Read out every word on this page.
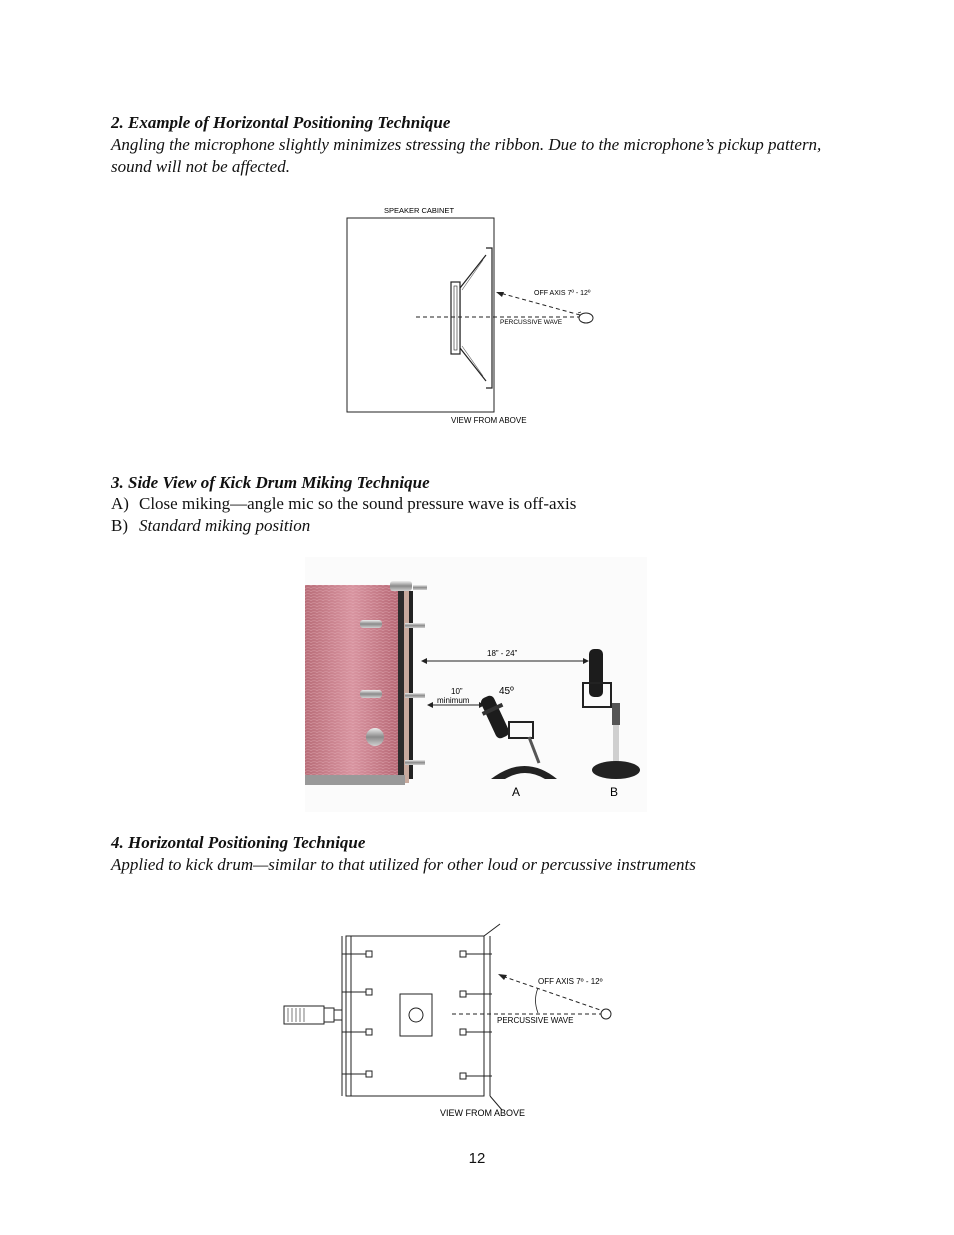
2. Example of Horizontal Positioning Technique

Angling the microphone slightly minimizes stressing the ribbon. Due to the microphone’s pickup pattern, sound will not be affected.

SPEAKER CABINET
OFF AXIS 7º - 12º
PERCUSSIVE WAVE
VIEW FROM ABOVE
3. Side View of Kick Drum Miking Technique

A) Close miking—angle mic so the sound pressure wave is off-axis

B) Standard miking position

18” - 24”
10”
minimum
45º
A	B
4. Horizontal Positioning Technique

Applied to kick drum—similar to that utilized for other loud or percussive instruments

OFF AXIS 7º - 12º
PERCUSSIVE WAVE
VIEW FROM ABOVE
12
